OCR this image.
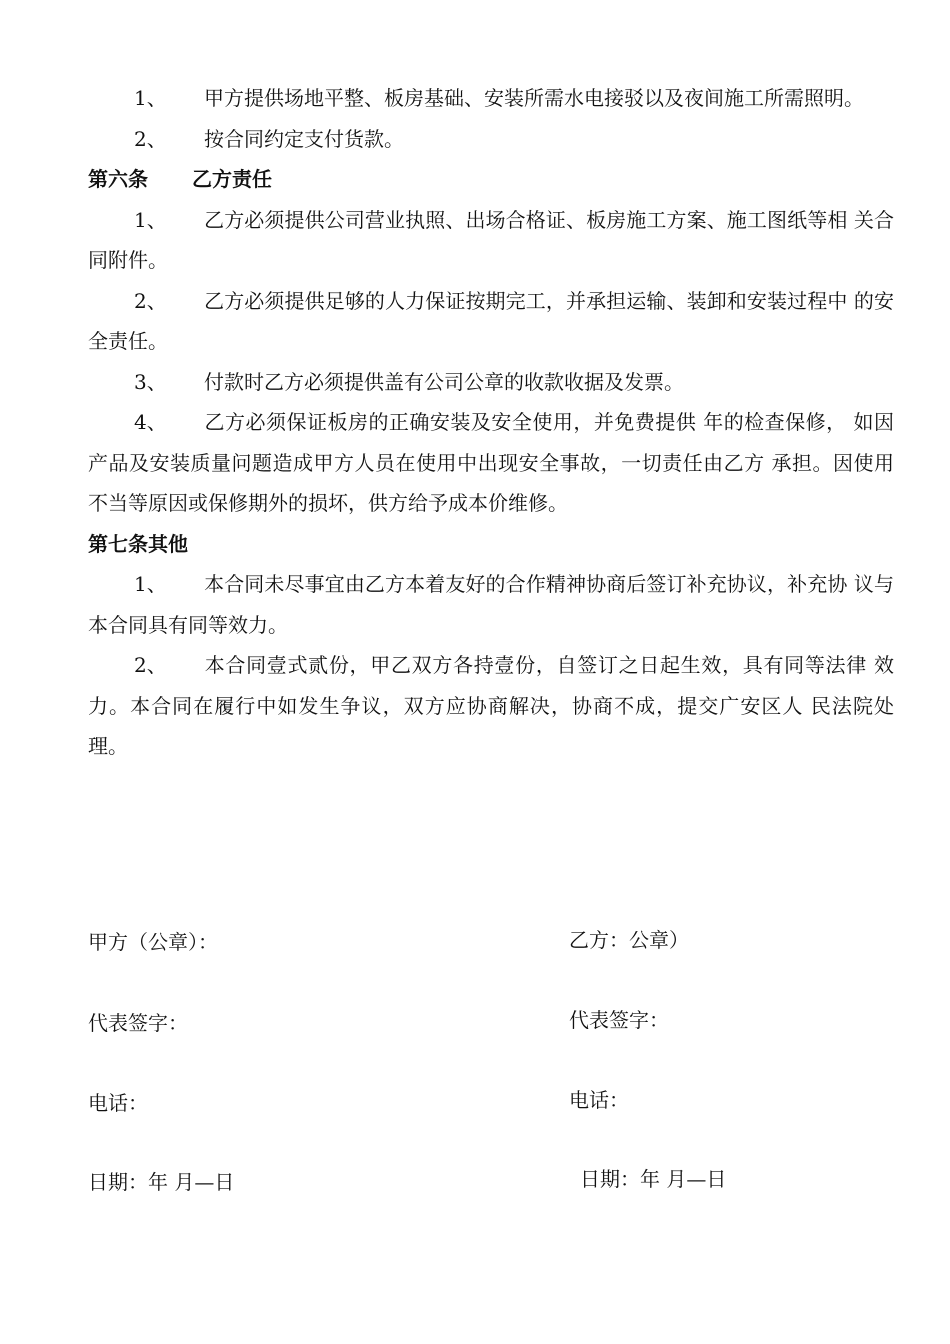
1、 甲方提供场地平整、板房基础、安装所需水电接驳以及夜间施工所需照明。

2、 按合同约定支付货款。

第六条 乙方责任

1、 乙方必须提供公司营业执照、出场合格证、板房施工方案、施工图纸等相 关合同附件。

2、 乙方必须提供足够的人力保证按期完工，并承担运输、装卸和安装过程中 的安全责任。

3、 付款时乙方必须提供盖有公司公章的收款收据及发票。

4、 乙方必须保证板房的正确安装及安全使用，并免费提供 年的检查保修， 如因产品及安装质量问题造成甲方人员在使用中出现安全事故，一切责任由乙方 承担。因使用不当等原因或保修期外的损坏，供方给予成本价维修。

第七条其他

1、 本合同未尽事宜由乙方本着友好的合作精神协商后签订补充协议，补充协 议与本合同具有同等效力。

2、 本合同壹式贰份，甲乙双方各持壹份，自签订之日起生效，具有同等法律 效力。本合同在履行中如发生争议，双方应协商解决，协商不成，提交广安区人 民法院处理。

甲方（公章）：
代表签字：
电话：
日期：年 月—日
乙方：公章）
代表签字：
电话：
日期：年 月—日
